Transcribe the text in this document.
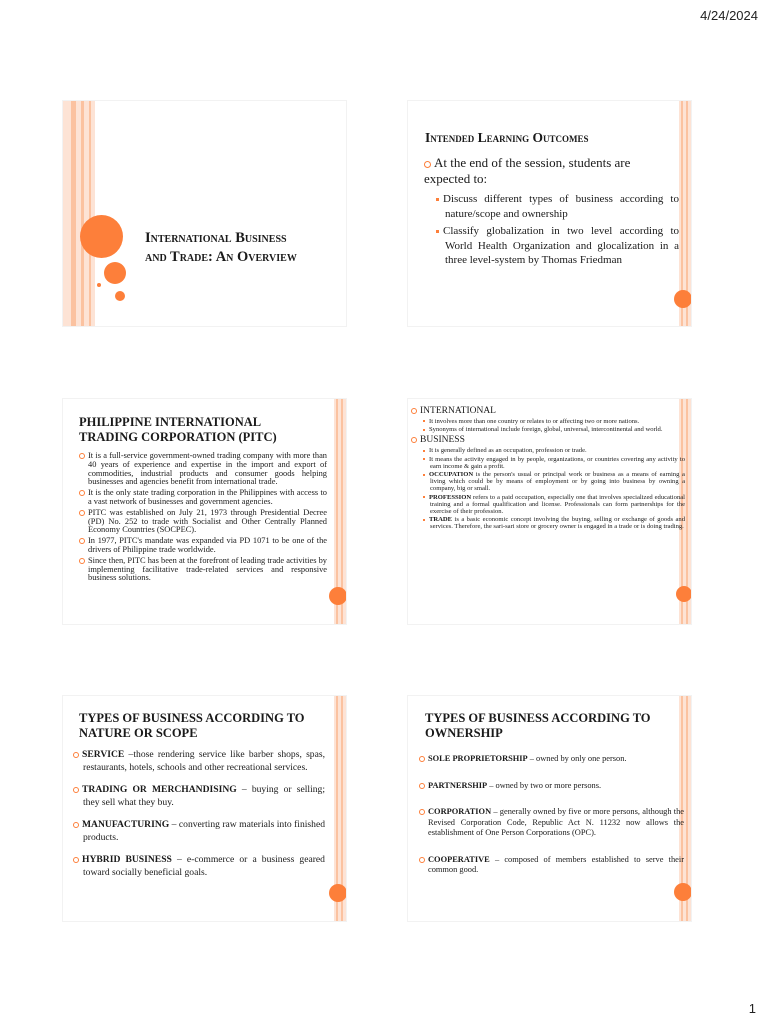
4/24/2024
International Business
and Trade: An Overview
Intended Learning Outcomes
At the end of the session, students are expected to:

Discuss different types of business according to nature/scope and ownership

Classify globalization in two level according to World Health Organization and glocalization in a three level-system by Thomas Friedman

PHILIPPINE INTERNATIONAL TRADING CORPORATION (PITC)

It is a full-service government-owned trading company with more than 40 years of experience and expertise in the import and export of commodities, industrial products and consumer goods helping businesses and agencies benefit from international trade.

It is the only state trading corporation in the Philippines with access to a vast network of businesses and government agencies.

PITC was established on July 21, 1973 through Presidential Decree (PD) No. 252 to trade with Socialist and Other Centrally Planned Economy Countries (SOCPEC).

In 1977, PITC's mandate was expanded via PD 1071 to be one of the drivers of Philippine trade worldwide.

Since then, PITC has been at the forefront of leading trade activities by implementing facilitative trade-related services and responsive business solutions.

INTERNATIONAL

It involves more than one country or relates to or affecting two or more nations.

Synonyms of international include foreign, global, universal, intercontinental and world.

BUSINESS

It is generally defined as an occupation, profession or trade.

It means the activity engaged in by people, organizations, or countries covering any activity to earn income & gain a profit.

OCCUPATION is the person's usual or principal work or business as a means of earning a living which could be by means of employment or by going into business by owning a company, big or small.

PROFESSION refers to a paid occupation, especially one that involves specialized educational training and a formal qualification and license. Professionals can form partnerships for the exercise of their profession.

TRADE is a basic economic concept involving the buying, selling or exchange of goods and services. Therefore, the sari-sari store or grocery owner is engaged in a trade or is doing trading.

TYPES OF BUSINESS ACCORDING TO NATURE OR SCOPE

SERVICE –those rendering service like barber shops, spas, restaurants, hotels, schools and other recreational services.

TRADING OR MERCHANDISING – buying or selling; they sell what they buy.

MANUFACTURING – converting raw materials into finished products.

HYBRID BUSINESS – e-commerce or a business geared toward socially beneficial goals.

TYPES OF BUSINESS ACCORDING TO OWNERSHIP

SOLE PROPRIETORSHIP – owned by only one person.

PARTNERSHIP – owned by two or more persons.

CORPORATION – generally owned by five or more persons, although the Revised Corporation Code, Republic Act N. 11232 now allows the establishment of One Person Corporations (OPC).

COOPERATIVE – composed of members established to serve their common good.

1
